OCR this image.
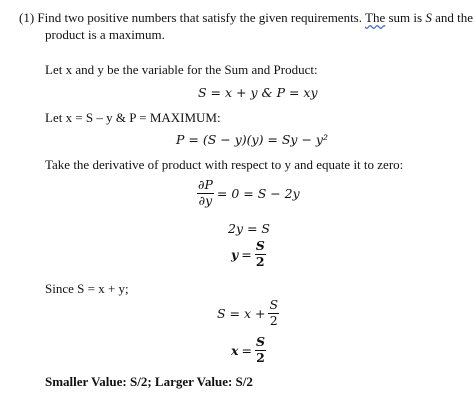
(1) Find two positive numbers that satisfy the given requirements. The sum is S and the
product is a maximum.
Let x and y be the variable for the Sum and Product:
S = x + y & P = xy
Let x = S – y & P = MAXIMUM:
P = (S − y)(y) = Sy − y²
Take the derivative of product with respect to y and equate it to zero:
$\frac{\partial P}{\partial y} = 0 = S - 2y$
2y = S
$y = \frac{S}{2}$
Since S = x + y;
$S = x + \frac{S}{2}$
$x = \frac{S}{2}$
Smaller Value: S/2; Larger Value: S/2
